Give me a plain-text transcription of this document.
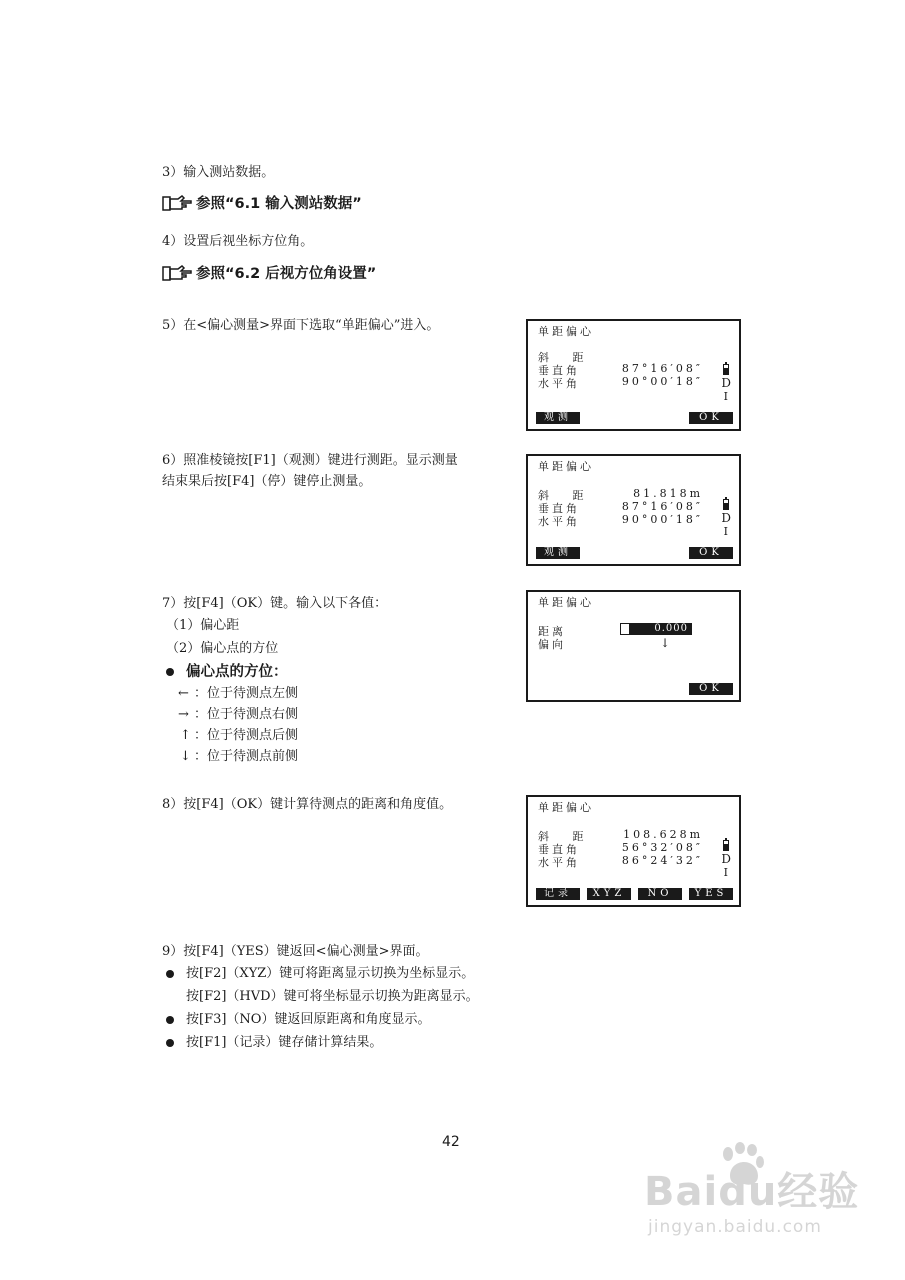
3）输入测站数据。
参照“6.1 输入测站数据”
4）设置后视坐标方位角。
参照“6.2 后视方位角设置”
5）在<偏心测量>界面下选取“单距偏心”进入。	单距偏心
斜　 距
垂直角	87°16′08″
水平角	90°00′18″ D
I
观测	OK
6）照准棱镜按[F1]（观测）键进行测距。显示测量
结束果后按[F4]（停）键停止测量。
单距偏心
斜　 距	81.818m
垂直角	87°16′08″
水平角	90°00′18″ D
I
观测	OK
7）按[F4]（OK）键。输入以下各值：
（1）偏心距
（2）偏心点的方位
偏心点的方位：
← ：位于待测点左侧
→ ：位于待测点右侧
↑ ：位于待测点后侧
↓ ：位于待测点前侧
单距偏心
距离	0.000
偏向	↓
OK
8）按[F4]（OK）键计算待测点的距离和角度值。	单距偏心
斜　 距	108.628m
垂直角	56°32′08″
水平角	86°24′32″ D
I
记录	XYZ	NO	YES
9）按[F4]（YES）键返回<偏心测量>界面。
按[F2]（XYZ）键可将距离显示切换为坐标显示。
按[F2]（HVD）键可将坐标显示切换为距离显示。
按[F3]（NO）键返回原距离和角度显示。
按[F1]（记录）键存储计算结果。
42
Baidu经验
jingyan.baidu.com
